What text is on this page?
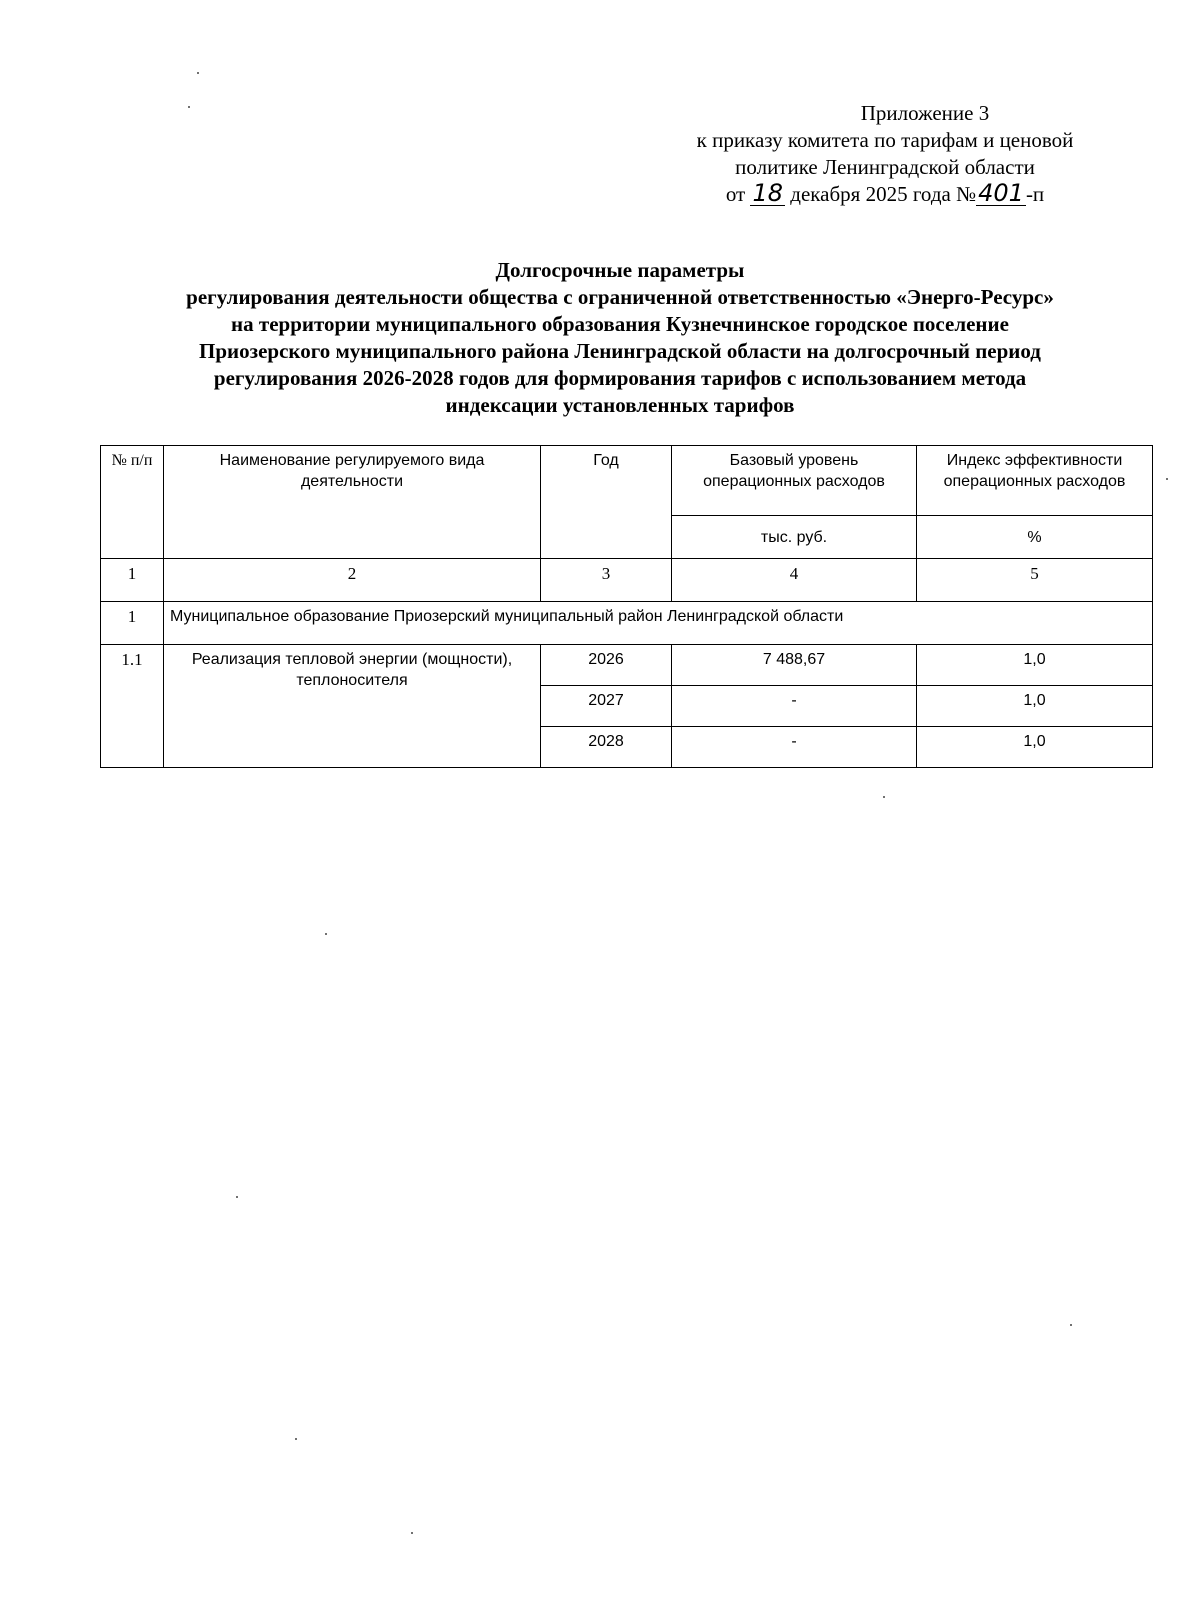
Приложение 3
к приказу комитета по тарифам и ценовой
политике Ленинградской области
от 18 декабря 2025 года №401-п
Долгосрочные параметры
регулирования деятельности общества с ограниченной ответственностью «Энерго-Ресурс»
на территории муниципального образования Кузнечнинское городское поселение
Приозерского муниципального района Ленинградской области на долгосрочный период
регулирования 2026-2028 годов для формирования тарифов с использованием метода
индексации установленных тарифов
№ п/п	Наименование регулируемого вида деятельности	Год	Базовый уровень операционных расходов	Индекс эффективности операционных расходов
			тыс. руб.	%
1	2	3	4	5
1	Муниципальное образование Приозерский муниципальный район Ленинградской области			
1.1	Реализация тепловой энергии (мощности), теплоносителя	2026	7 488,67	1,0
		2027	-	1,0
		2028	-	1,0
